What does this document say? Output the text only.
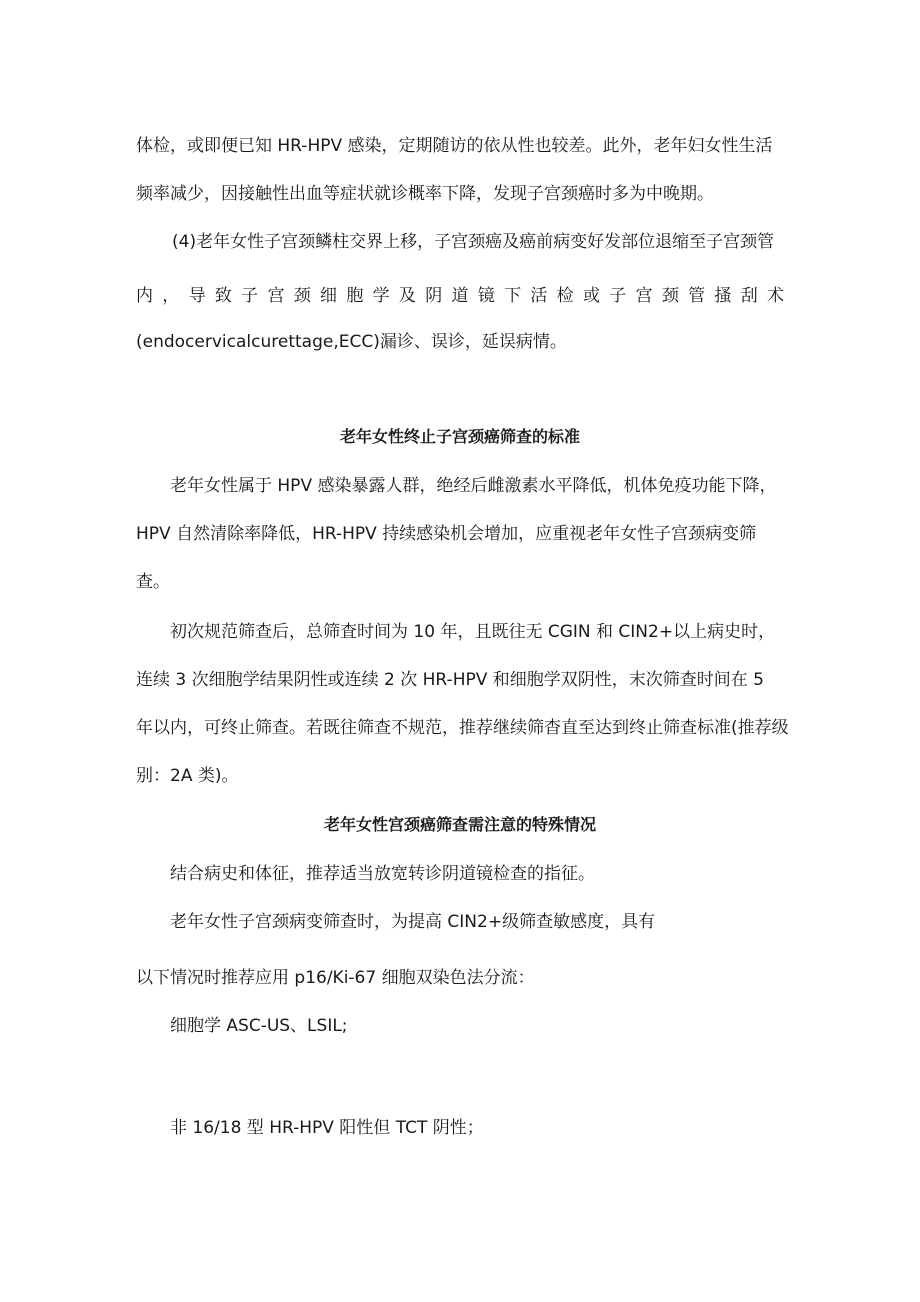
体检，或即便已知 HR-HPV 感染，定期随访的依从性也较差。此外，老年妇女性生活
频率减少，因接触性出血等症状就诊概率下降，发现子宫颈癌时多为中晚期。
(4)老年女性子宫颈鳞柱交界上移，子宫颈癌及癌前病变好发部位退缩至子宫颈管
内，导致子宫颈细胞学及阴道镜下活检或子宫颈管搔刮术
(endocervicalcurettage,ECC)漏诊、误诊，延误病情。
老年女性终止子宫颈癌筛查的标准
老年女性属于 HPV 感染暴露人群，绝经后雌激素水平降低，机体免疫功能下降，
HPV 自然清除率降低，HR-HPV 持续感染机会增加，应重视老年女性子宫颈病变筛
查。
初次规范筛查后，总筛査时间为 10 年，且既往无 CGIN 和 CIN2+以上病史时，
连续 3 次细胞学结果阴性或连续 2 次 HR-HPV 和细胞学双阴性，末次筛查时间在 5
年以内，可终止筛查。若既往筛查不规范，推荐继续筛杳直至达到终止筛查标准(推荐级
别：2A 类)。
老年女性宫颈癌筛查需注意的特殊情况
结合病史和体征，推荐适当放宽转诊阴道镜检查的指征。
老年女性子宫颈病变筛查时，为提高 CIN2+级筛查敏感度，具有
以下情况时推荐应用 p16/Ki-67 细胞双染色法分流：
细胞学 ASC-US、LSIL;
非 16/18 型 HR-HPV 阳性但 TCT 阴性；
